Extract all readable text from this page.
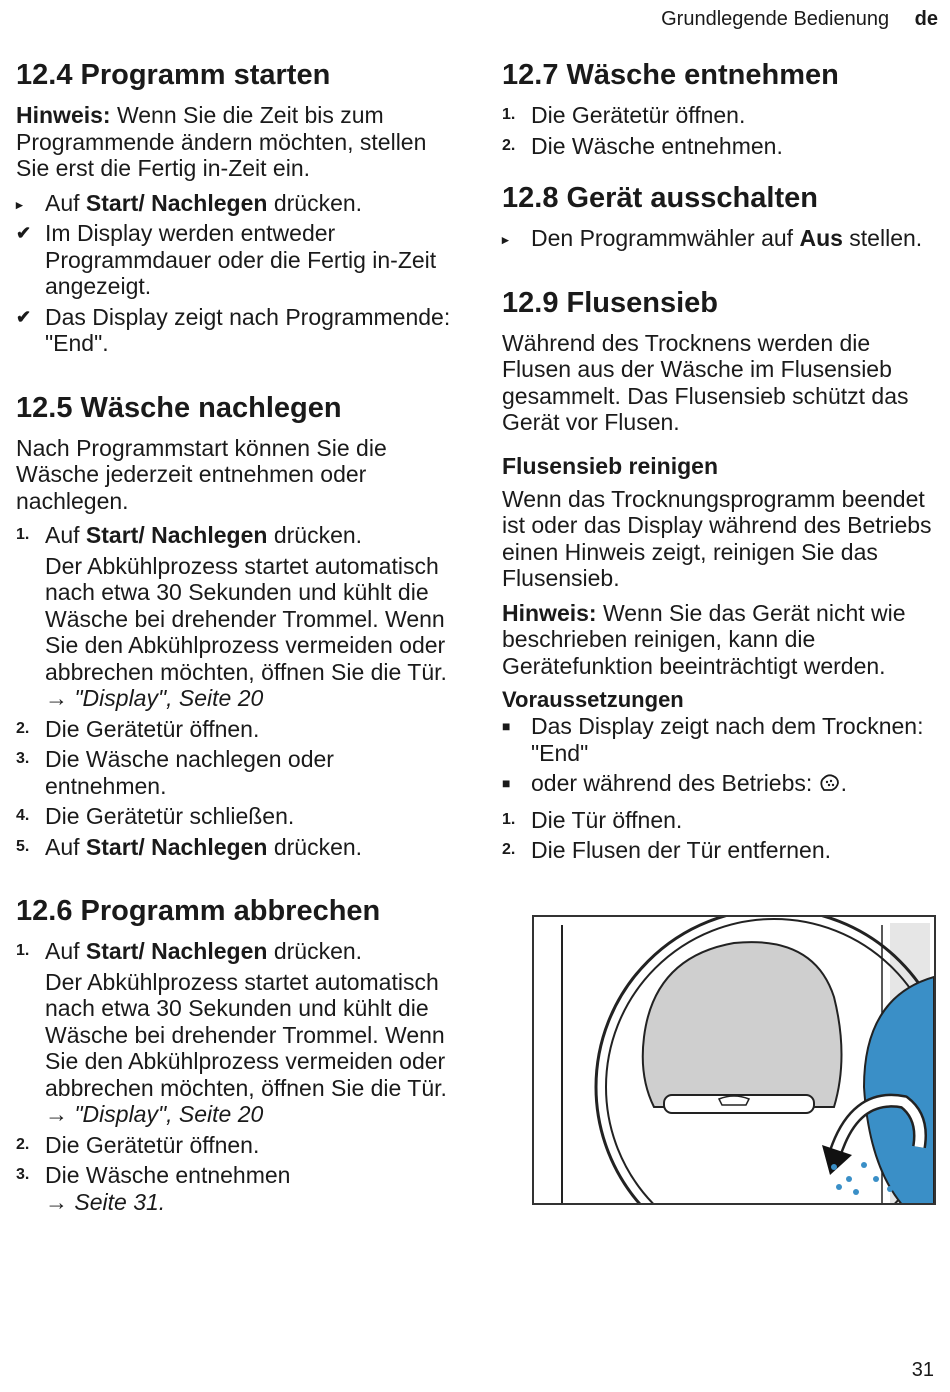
Grundlegende Bedienung de
12.4 Programm starten

Hinweis: Wenn Sie die Zeit bis zum Programmende ändern möchten, stellen Sie erst die Fertig in-Zeit ein.

▸ Auf Start/ Nachlegen drücken.
✔ Im Display werden entweder Programmdauer oder die Fertig in-Zeit angezeigt.
✔ Das Display zeigt nach Programmende: "End".
12.5 Wäsche nachlegen

Nach Programmstart können Sie die Wäsche jederzeit entnehmen oder nachlegen.

1. Auf Start/ Nachlegen drücken.
Der Abkühlprozess startet automatisch nach etwa 30 Sekunden und kühlt die Wäsche bei drehender Trommel. Wenn Sie den Abkühlprozess vermeiden oder abbrechen möchten, öffnen Sie die Tür.
→ "Display", Seite 20
2. Die Gerätetür öffnen.
3. Die Wäsche nachlegen oder entnehmen.
4. Die Gerätetür schließen.
5. Auf Start/ Nachlegen drücken.
12.6 Programm abbrechen
1. Auf Start/ Nachlegen drücken.
Der Abkühlprozess startet automatisch nach etwa 30 Sekunden und kühlt die Wäsche bei drehender Trommel. Wenn Sie den Abkühlprozess vermeiden oder abbrechen möchten, öffnen Sie die Tür.
→ "Display", Seite 20
2. Die Gerätetür öffnen.
3. Die Wäsche entnehmen
→ Seite 31.
12.7 Wäsche entnehmen
1. Die Gerätetür öffnen.
2. Die Wäsche entnehmen.
12.8 Gerät ausschalten
▸ Den Programmwähler auf Aus stellen.
12.9 Flusensieb

Während des Trocknens werden die Flusen aus der Wäsche im Flusensieb gesammelt. Das Flusensieb schützt das Gerät vor Flusen.

Flusensieb reinigen

Wenn das Trocknungsprogramm beendet ist oder das Display während des Betriebs einen Hinweis zeigt, reinigen Sie das Flusensieb.

Hinweis: Wenn Sie das Gerät nicht wie beschrieben reinigen, kann die Gerätefunktion beeinträchtigt werden.

Voraussetzungen
■ Das Display zeigt nach dem Trocknen: "End"
■ oder während des Betriebs: .
1. Die Tür öffnen.
2. Die Flusen der Tür entfernen.
31
